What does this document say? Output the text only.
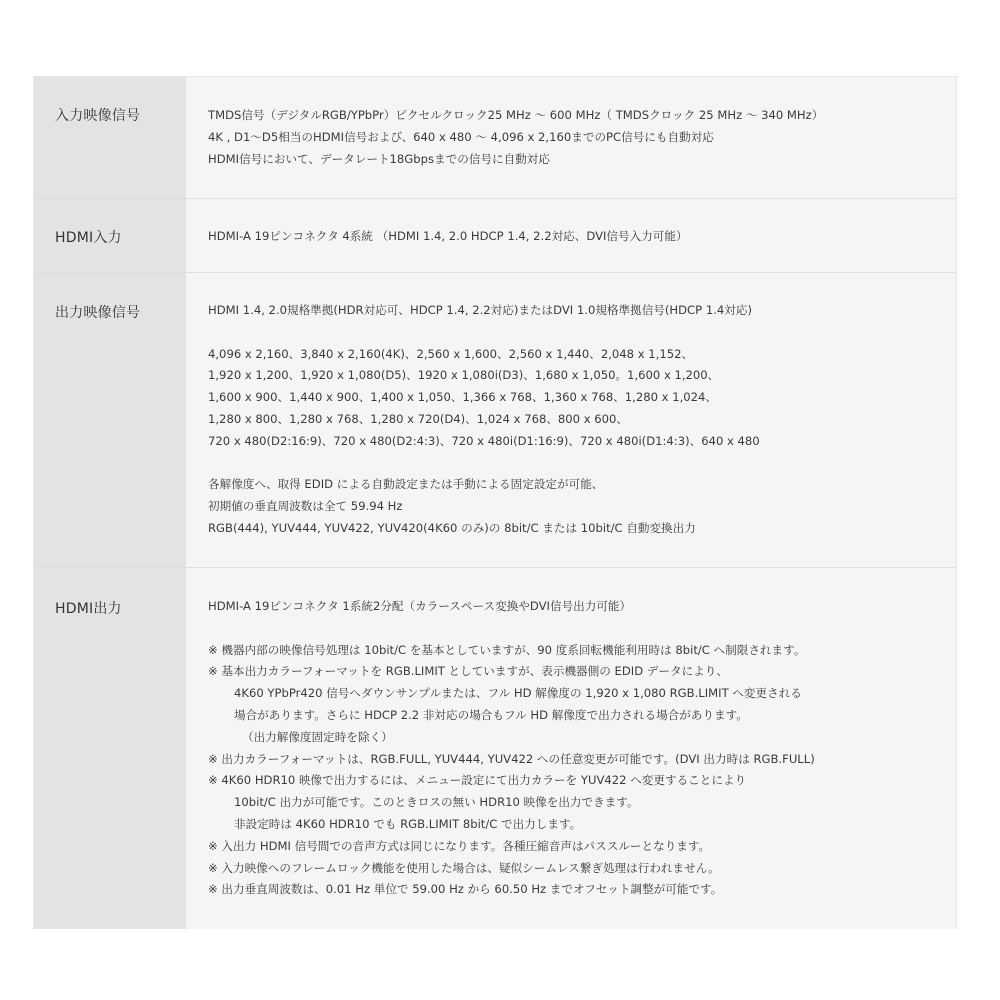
入力映像信号	TMDS信号（デジタルRGB/YPbPr）ピクセルクロック25 MHz 〜 600 MHz（ TMDSクロック 25 MHz 〜 340 MHz）

4K , D1〜D5相当のHDMI信号および、640 x 480 〜 4,096 x 2,160までのPC信号にも自動対応

HDMI信号において、データレート18Gbpsまでの信号に自動対応

HDMI入力	HDMI-A 19ピンコネクタ 4系統 （HDMI 1.4, 2.0 HDCP 1.4, 2.2対応、DVI信号入力可能）

出力映像信号	HDMI 1.4, 2.0規格準拠(HDR対応可、HDCP 1.4, 2.2対応)またはDVI 1.0規格準拠信号(HDCP 1.4対応)

4,096 x 2,160、3,840 x 2,160(4K)、2,560 x 1,600、2,560 x 1,440、2,048 x 1,152、

1,920 x 1,200、1,920 x 1,080(D5)、1920 x 1,080i(D3)、1,680 x 1,050。1,600 x 1,200、

1,600 x 900、1,440 x 900、1,400 x 1,050、1,366 x 768、1,360 x 768、1,280 x 1,024、

1,280 x 800、1,280 x 768、1,280 x 720(D4)、1,024 x 768、800 x 600、

720 x 480(D2:16:9)、720 x 480(D2:4:3)、720 x 480i(D1:16:9)、720 x 480i(D1:4:3)、640 x 480

各解像度へ、取得 EDID による自動設定または手動による固定設定が可能、

初期値の垂直周波数は全て 59.94 Hz

RGB(444), YUV444, YUV422, YUV420(4K60 のみ)の 8bit/C または 10bit/C 自動変換出力

HDMI出力	HDMI-A 19ピンコネクタ 1系統2分配（カラースペース変換やDVI信号出力可能）

※ 機器内部の映像信号処理は 10bit/C を基本としていますが、90 度系回転機能利用時は 8bit/C へ制限されます。

※ 基本出力カラーフォーマットを RGB.LIMIT としていますが、表示機器側の EDID データにより、

4K60 YPbPr420 信号へダウンサンプルまたは、フル HD 解像度の 1,920 x 1,080 RGB.LIMIT へ変更される

場合があります。さらに HDCP 2.2 非対応の場合もフル HD 解像度で出力される場合があります。

（出力解像度固定時を除く）

※ 出力カラーフォーマットは、RGB.FULL, YUV444, YUV422 への任意変更が可能です。(DVI 出力時は RGB.FULL)

※ 4K60 HDR10 映像で出力するには、メニュー設定にて出力カラーを YUV422 へ変更することにより

10bit/C 出力が可能です。このときロスの無い HDR10 映像を出力できます。

非設定時は 4K60 HDR10 でも RGB.LIMIT 8bit/C で出力します。

※ 入出力 HDMI 信号間での音声方式は同じになります。各種圧縮音声はパススルーとなります。

※ 入力映像へのフレームロック機能を使用した場合は、疑似シームレス繋ぎ処理は行われません。

※ 出力垂直周波数は、0.01 Hz 単位で 59.00 Hz から 60.50 Hz までオフセット調整が可能です。
